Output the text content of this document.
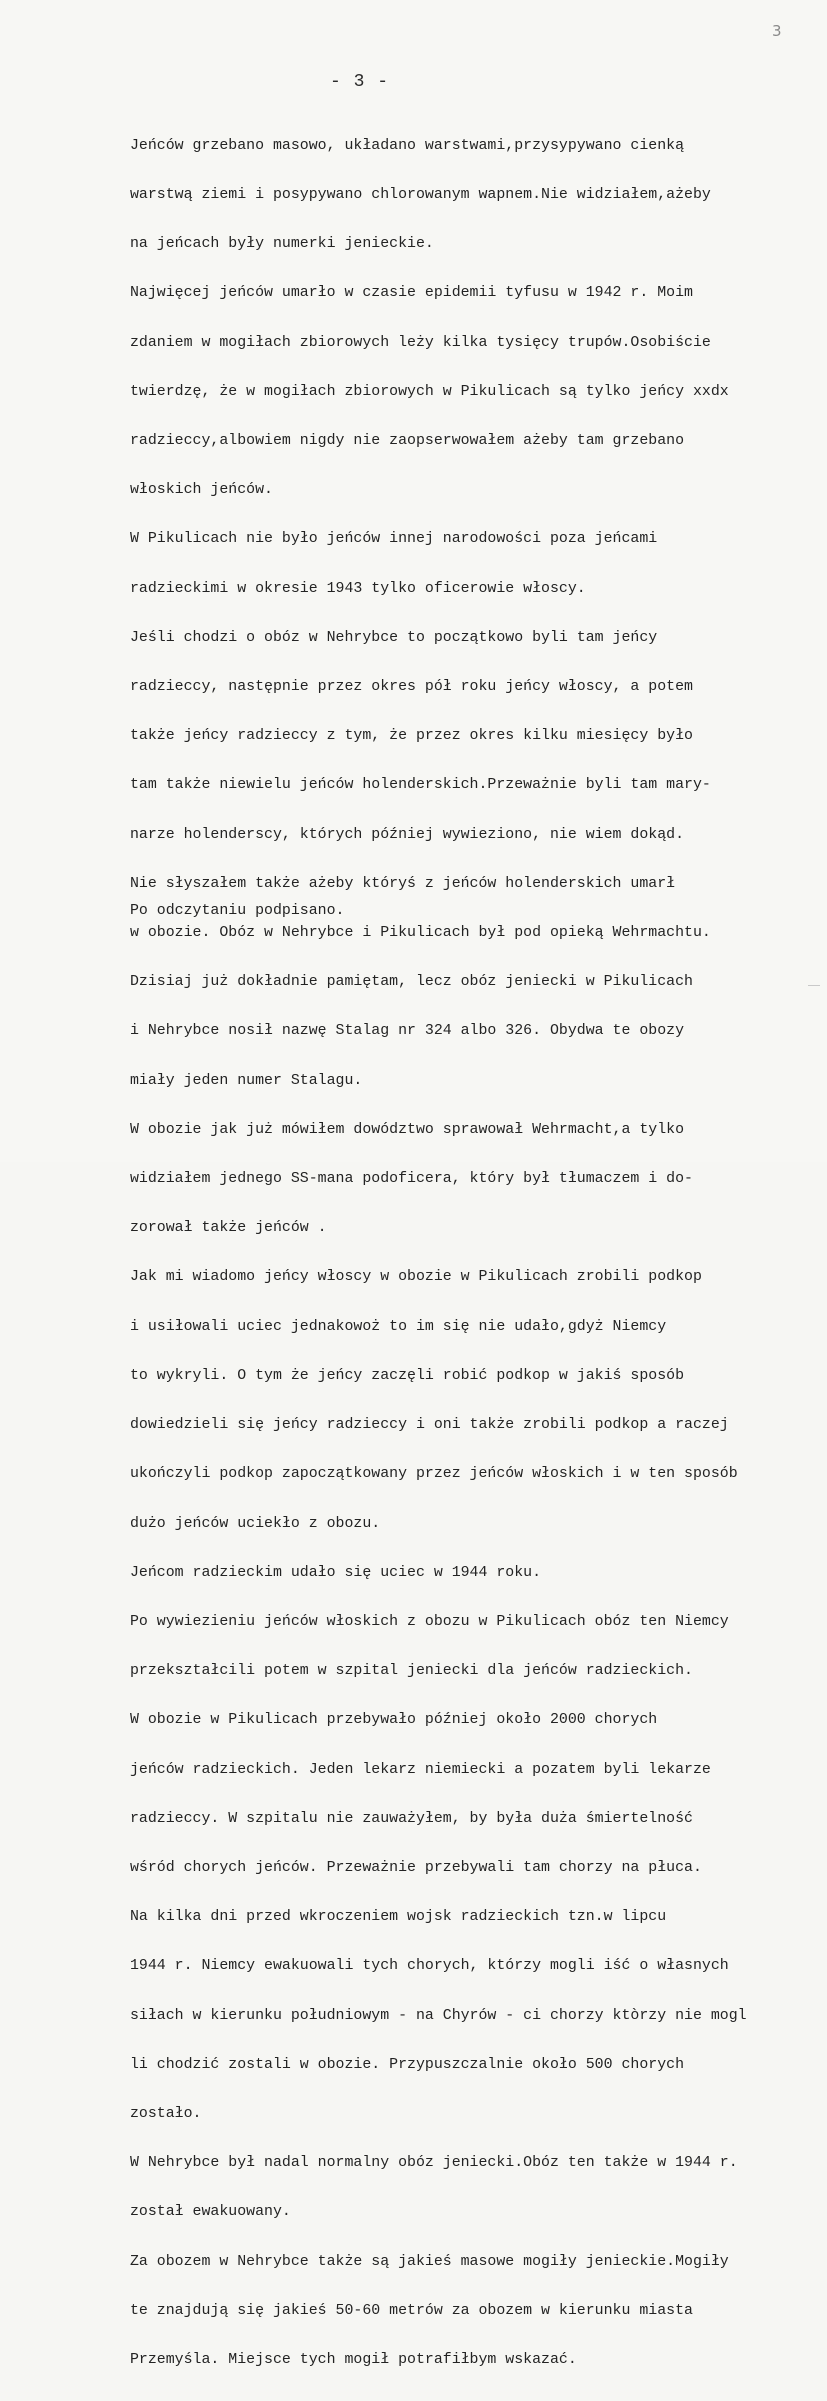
3
- 3 -

Jeńców grzebano masowo, układano warstwami,przysypywano cienką

warstwą ziemi i posypywano chlorowanym wapnem.Nie widziałem,ażeby

na jeńcach były numerki jenieckie.

Najwięcej jeńców umarło w czasie epidemii tyfusu w 1942 r. Moim

zdaniem w mogiłach zbiorowych leży kilka tysięcy trupów.Osobiście

twierdzę, że w mogiłach zbiorowych w Pikulicach są tylko jeńcy xxdx

radzieccy,albowiem nigdy nie zaopserwowałem ażeby tam grzebano

włoskich jeńców.

W Pikulicach nie było jeńców innej narodowości poza jeńcami

radzieckimi w okresie 1943 tylko oficerowie włoscy.

Jeśli chodzi o obóz w Nehrybce to początkowo byli tam jeńcy

radzieccy, następnie przez okres pół roku jeńcy włoscy, a potem

także jeńcy radzieccy z tym, że przez okres kilku miesięcy było

tam także niewielu jeńców holenderskich.Przeważnie byli tam mary-

narze holenderscy, których później wywieziono, nie wiem dokąd.

Nie słyszałem także ażeby któryś z jeńców holenderskich umarł

w obozie. Obóz w Nehrybce i Pikulicach był pod opieką Wehrmachtu.

Dzisiaj już dokładnie pamiętam, lecz obóz jeniecki w Pikulicach

i Nehrybce nosił nazwę Stalag nr 324 albo 326. Obydwa te obozy

miały jeden numer Stalagu.

W obozie jak już mówiłem dowództwo sprawował Wehrmacht,a tylko

widziałem jednego SS-mana podoficera, który był tłumaczem i do-

zorował także jeńców .

Jak mi wiadomo jeńcy włoscy w obozie w Pikulicach zrobili podkop

i usiłowali uciec jednakowoż to im się nie udało,gdyż Niemcy

to wykryli. O tym że jeńcy zaczęli robić podkop w jakiś sposób

dowiedzieli się jeńcy radzieccy i oni także zrobili podkop a raczej

ukończyli podkop zapoczątkowany przez jeńców włoskich i w ten sposób

dużo jeńców uciekło z obozu.

Jeńcom radzieckim udało się uciec w 1944 roku.

Po wywiezieniu jeńców włoskich z obozu w Pikulicach obóz ten Niemcy

przekształcili potem w szpital jeniecki dla jeńców radzieckich.

W obozie w Pikulicach przebywało później około 2000 chorych

jeńców radzieckich. Jeden lekarz niemiecki a pozatem byli lekarze

radzieccy. W szpitalu nie zauważyłem, by była duża śmiertelność

wśród chorych jeńców. Przeważnie przebywali tam chorzy na płuca.

Na kilka dni przed wkroczeniem wojsk radzieckich tzn.w lipcu

1944 r. Niemcy ewakuowali tych chorych, którzy mogli iść o własnych

siłach w kierunku południowym - na Chyrów - ci chorzy ktòrzy nie mogl

li chodzić zostali w obozie. Przypuszczalnie około 500 chorych

zostało.

W Nehrybce był nadal normalny obóz jeniecki.Obóz ten także w 1944 r.

został ewakuowany.

Za obozem w Nehrybce także są jakieś masowe mogiły jenieckie.Mogiły

te znajdują się jakieś 50-60 metrów za obozem w kierunku miasta

Przemyśla. Miejsce tych mogił potrafiłbym wskazać.

Po odczytaniu podpisano.
